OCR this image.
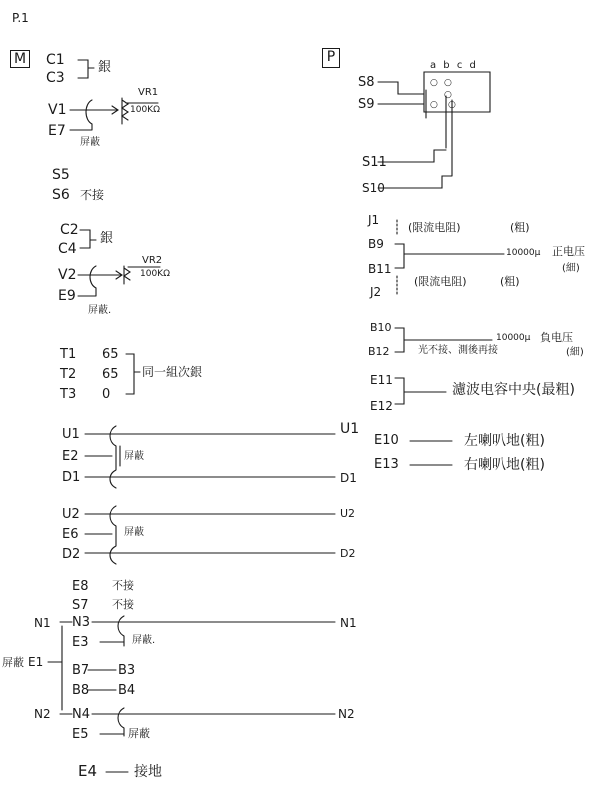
P.1
M C1
C3
銀
V1
VR1
100KΩ
E7
屏蔽
S5
S6 不接
C2
C4
銀
V2
VR2
100KΩ
E9
屏蔽.
T1 65
T2 65
T3 0
同一組次銀
U1
E2
D1
屏蔽
U1
D1
U2
E6
D2
屏蔽
U2
D2
E8 不接
S7 不接
N1 N3
E3	屏蔽.
N1
屏蔽 E1
B7 B3
B8 B4
N2 N4	N2
E5	屏蔽
E4	接地
P
a b c d
S8
S9
S11
S10
J1
(限流电阻)	(粗)
B9
B11
10000μ 正电压
(細)
J2
(限流电阻)	(粗)
B10
B12
10000μ 負电压
(細)
光不接、測後再接
E11
E12
濾波电容中央(最粗)
E10	左喇叭地(粗)
E13	右喇叭地(粗)
○
○
○
○
○
